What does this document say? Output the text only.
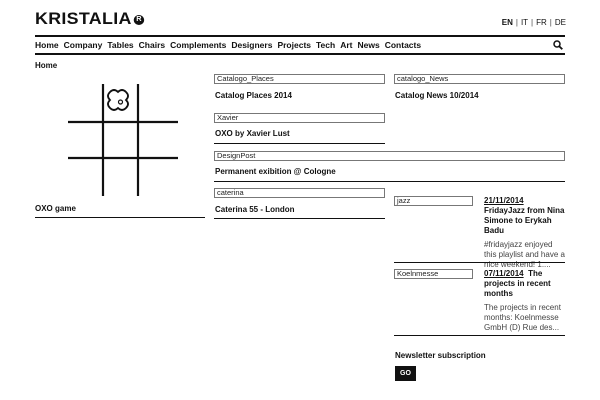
KRISTALIA R	EN | IT | FR | DE
Home Company Tables Chairs Complements Designers Projects Tech Art News Contacts
Home
OXO game
Catalogo_Places
Catalog Places 2014
Xavier
OXO by Xavier Lust
DesignPost
Permanent exibition @ Cologne
caterina
Caterina 55 - London
catalogo_News
Catalog News 10/2014
jazz	21/11/2014  FridayJazz from Nina Simone to Erykah Badu
#fridayjazz enjoyed this playlist and have a nice weekend! 1....
Koelnmesse	07/11/2014 The projects in recent months
The projects in recent months: Koelnmesse GmbH (D) Rue des...
Newsletter subscription
GO
